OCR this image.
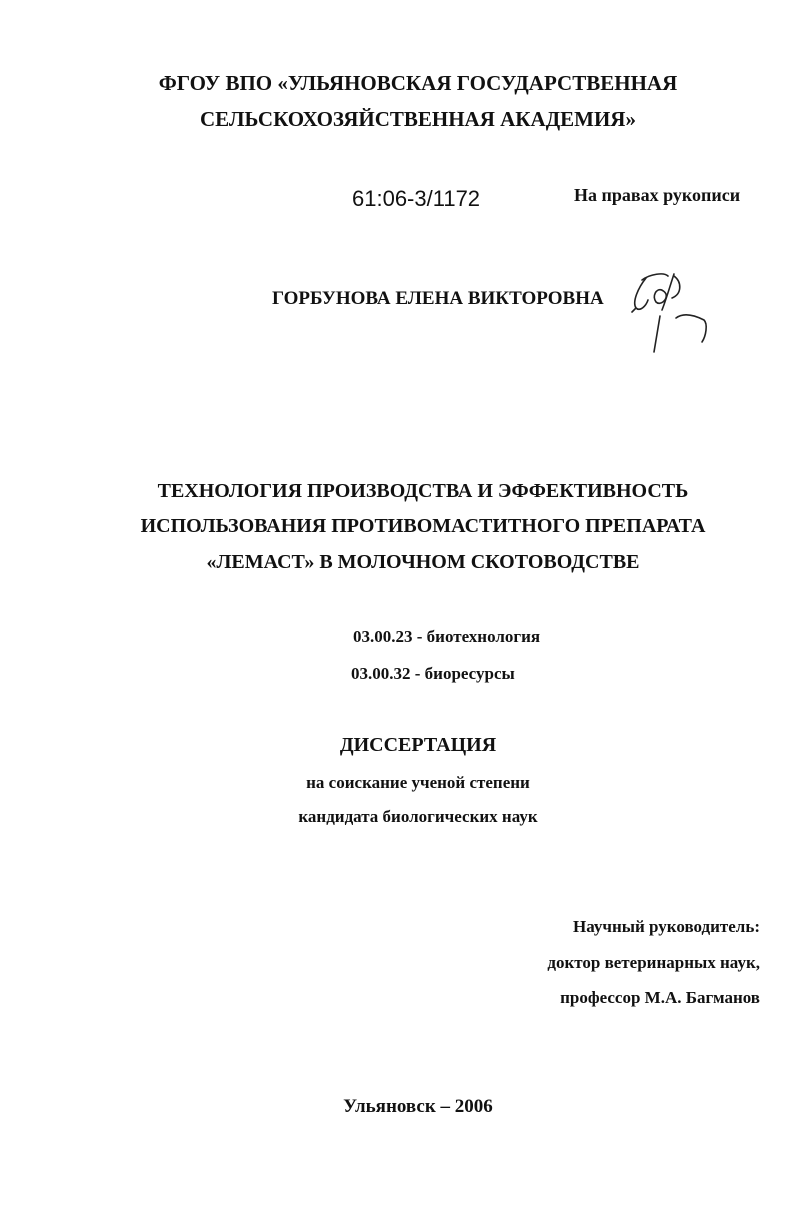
ФГОУ ВПО «УЛЬЯНОВСКАЯ ГОСУДАРСТВЕННАЯ
СЕЛЬСКОХОЗЯЙСТВЕННАЯ АКАДЕМИЯ»
61:06-3/1172	На правах рукописи
ГОРБУНОВА ЕЛЕНА ВИКТОРОВНА
ТЕХНОЛОГИЯ ПРОИЗВОДСТВА И ЭФФЕКТИВНОСТЬ
ИСПОЛЬЗОВАНИЯ ПРОТИВОМАСТИТНОГО ПРЕПАРАТА
«ЛЕМАСТ» В МОЛОЧНОМ СКОТОВОДСТВЕ
03.00.23 - биотехнология
03.00.32 - биоресурсы
ДИССЕРТАЦИЯ
на соискание ученой степени
кандидата биологических наук
Научный руководитель:
доктор ветеринарных наук,
профессор М.А. Багманов
Ульяновск – 2006
